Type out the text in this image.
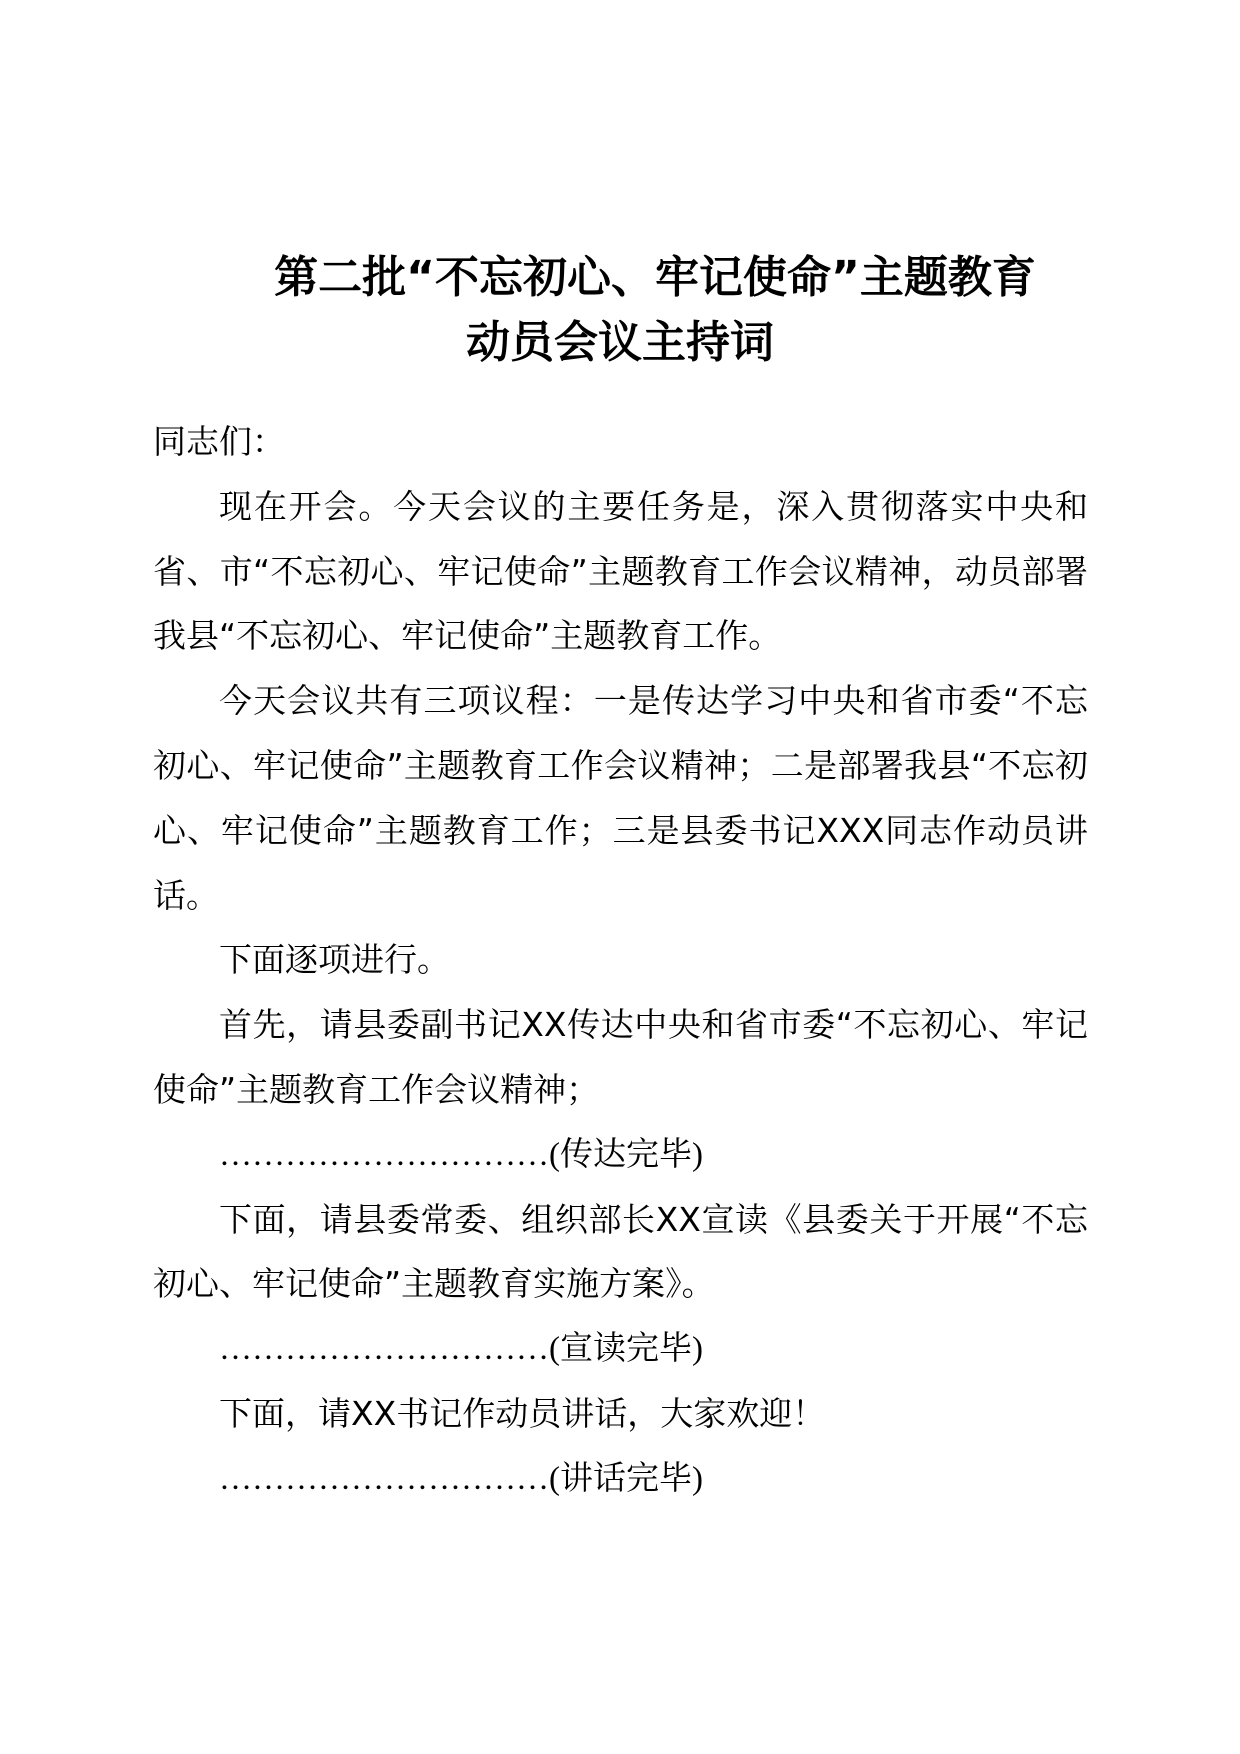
第二批“不忘初心、牢记使命”主题教育
动员会议主持词

同志们：

现在开会。今天会议的主要任务是，深入贯彻落实中央和省、市“不忘初心、牢记使命”主题教育工作会议精神，动员部署我县“不忘初心、牢记使命”主题教育工作。

今天会议共有三项议程：一是传达学习中央和省市委“不忘初心、牢记使命”主题教育工作会议精神；二是部署我县“不忘初心、牢记使命”主题教育工作；三是县委书记XXX同志作动员讲话。

下面逐项进行。

首先，请县委副书记XX传达中央和省市委“不忘初心、牢记使命”主题教育工作会议精神；

…………………………(传达完毕)

下面，请县委常委、组织部长XX宣读《县委关于开展“不忘初心、牢记使命”主题教育实施方案》。

…………………………(宣读完毕)

下面，请XX书记作动员讲话，大家欢迎！

…………………………(讲话完毕)
